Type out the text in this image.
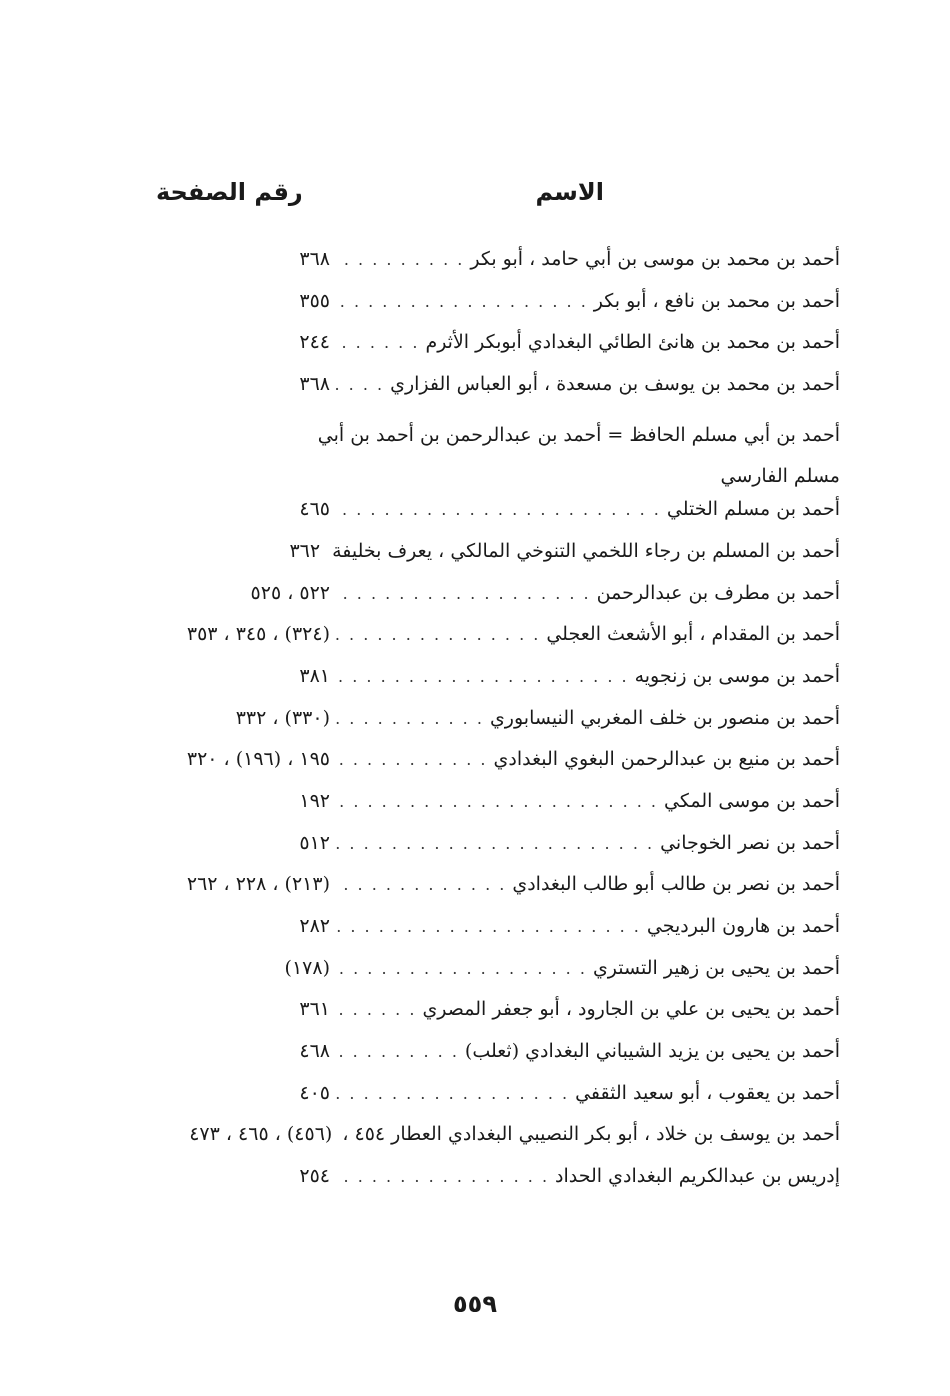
الاسم
رقم الصفحة
أحمد بن محمد بن موسى بن أبي حامد ، أبو بكر
. . .
٣٦٨
أحمد بن محمد بن نافع ، أبو بكر
. . .
٣٥٥
أحمد بن محمد بن هانئ الطائي البغدادي أبوبكر الأثرم
. . .
٢٤٤
أحمد بن محمد بن يوسف بن مسعدة ، أبو العباس الفزاري
. . .
٣٦٨
أحمد بن أبي مسلم الحافظ = أحمد بن عبدالرحمن بن أحمد بن أبي مسلم الفارسي
أحمد بن مسلم الختلي
. . .
٤٦٥
أحمد بن المسلم بن رجاء اللخمي التنوخي المالكي ، يعرف بخليفة
٣٦٢
أحمد بن مطرف بن عبدالرحمن
. . .
٥٢٢ ، ٥٢٥
أحمد بن المقدام ، أبو الأشعث العجلي
. . .
(٣٢٤) ، ٣٤٥ ، ٣٥٣
أحمد بن موسى بن زنجويه
. . .
٣٨١
أحمد بن منصور بن خلف المغربي النيسابوري
. . .
(٣٣٠) ، ٣٣٢
أحمد بن منيع بن عبدالرحمن البغوي البغدادي
. . .
١٩٥ ، (١٩٦) ، ٣٢٠
أحمد بن موسى المكي
. . .
١٩٢
أحمد بن نصر الخوجاني
. . .
٥١٢
أحمد بن نصر بن طالب أبو طالب البغدادي
. . .
(٢١٣) ، ٢٢٨ ، ٢٦٢
أحمد بن هارون البرديجي
. . .
٢٨٢
أحمد بن يحيى بن زهير التستري
. . .
(١٧٨)
أحمد بن يحيى بن علي بن الجارود ، أبو جعفر المصري
. . .
٣٦١
أحمد بن يحيى بن يزيد الشيباني البغدادي (ثعلب)
. . .
٤٦٨
أحمد بن يعقوب ، أبو سعيد الثقفي
. . .
٤٠٥
أحمد بن يوسف بن خلاد ، أبو بكر النصيبي البغدادي العطار ٤٥٤ ،
(٤٥٦) ، ٤٦٥ ، ٤٧٣
إدريس بن عبدالكريم البغدادي الحداد
. . .
٢٥٤
٥٥٩
